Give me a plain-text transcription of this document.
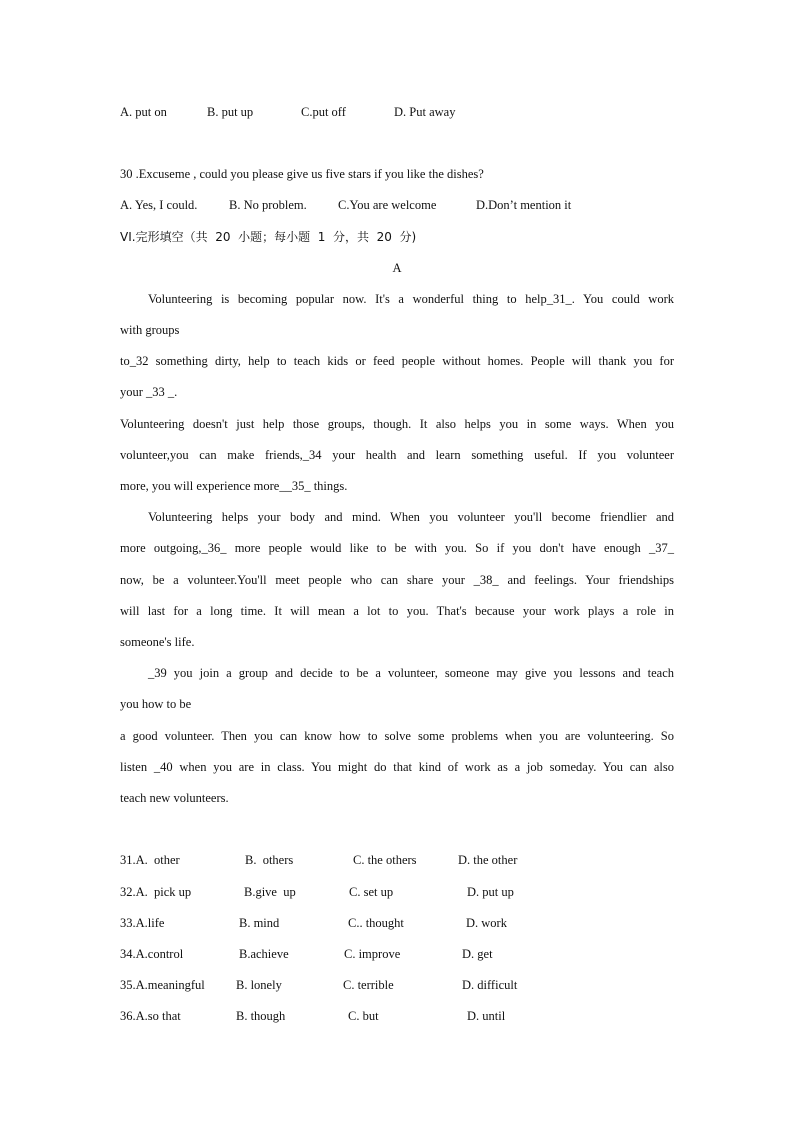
A. put on	B. put up	C.put off	D. Put away
30 .Excuseme , could you please give us five stars if you like the dishes?
A. Yes, I could.	B. No problem. C.You are welcome	D.Don’t mention it
VI.完形填空（共  20  小题；每小题  1  分，共  20  分)
A
Volunteering is becoming popular now. It's a wonderful thing to help_31_. You could work
with groups
to_32 something dirty, help to teach kids or feed people without homes. People will thank you for
your _33 _.
Volunteering doesn't just help those groups, though. It also helps you in some ways. When you
volunteer,you can make friends,_34 your health and learn something useful. If you volunteer
more, you will experience more__35_ things.
Volunteering helps your body and mind. When you volunteer you'll become friendlier and
more outgoing,_36_ more people would like to be with you. So if you don't have enough _37_
now, be a volunteer.You'll meet people who can share your _38_ and feelings. Your friendships
will last for a long time. It will mean a lot to you. That's because your work plays a role in
someone's life.
_39 you join a group and decide to be a volunteer, someone may give you lessons and teach
you how to be
a good volunteer. Then you can know how to solve some problems when you are volunteering. So
listen _40 when you are in class. You might do that kind of work as a job someday. You can also
teach new volunteers.
31.A.  other	B.  others	C. the others	D. the other
32.A.  pick up	B.give  up	C. set up	D. put up
33.A.life	B. mind	C.. thought	D. work
34.A.control	B.achieve	C. improve	D. get
35.A.meaningful	B. lonely	C. terrible	D. difficult
36.A.so that	B. though	C. but	D. until
